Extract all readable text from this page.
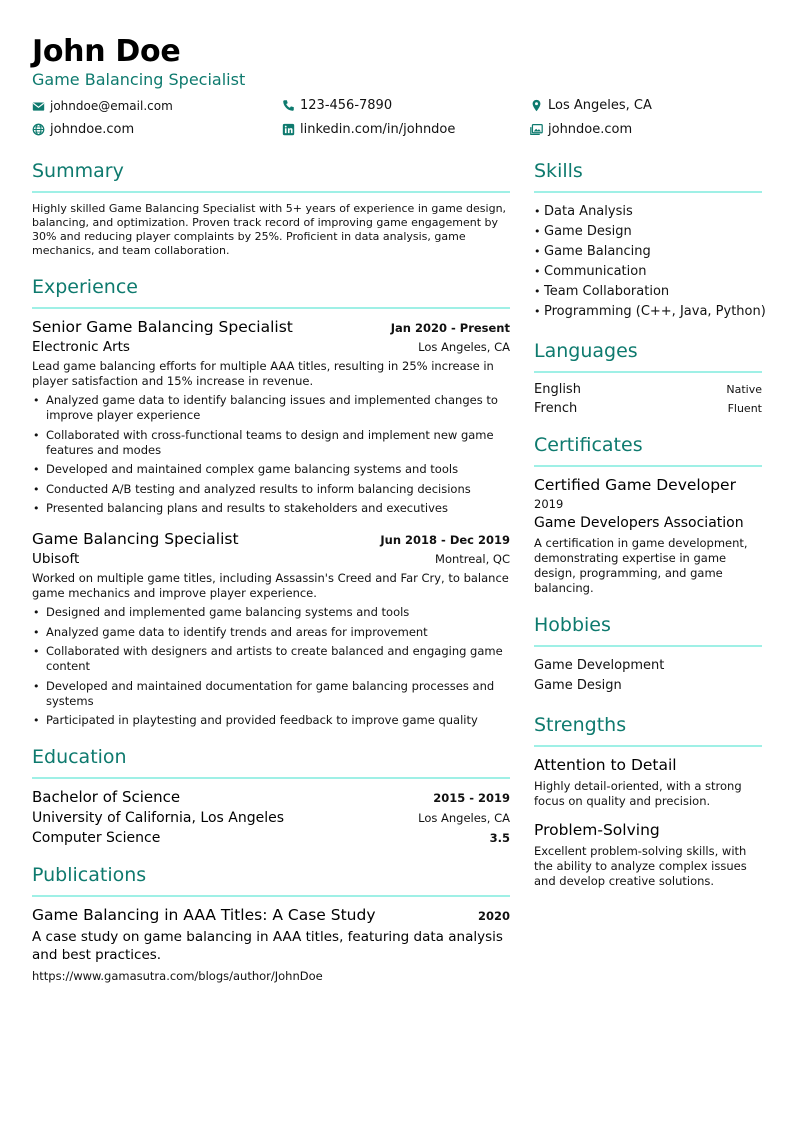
John Doe
Game Balancing Specialist
johndoe@email.com	123-456-7890	Los Angeles, CA
johndoe.com	linkedin.com/in/johndoe	johndoe.com
Summary
Highly skilled Game Balancing Specialist with 5+ years of experience in game design, balancing, and optimization. Proven track record of improving game engagement by 30% and reducing player complaints by 25%. Proficient in data analysis, game mechanics, and team collaboration.
Experience
Senior Game Balancing Specialist	Jan 2020 - Present
Electronic Arts	Los Angeles, CA
Lead game balancing efforts for multiple AAA titles, resulting in 25% increase in player satisfaction and 15% increase in revenue.
• Analyzed game data to identify balancing issues and implemented changes to improve player experience
• Collaborated with cross-functional teams to design and implement new game features and modes
• Developed and maintained complex game balancing systems and tools
• Conducted A/B testing and analyzed results to inform balancing decisions
• Presented balancing plans and results to stakeholders and executives
Game Balancing Specialist	Jun 2018 - Dec 2019
Ubisoft	Montreal, QC
Worked on multiple game titles, including Assassin's Creed and Far Cry, to balance game mechanics and improve player experience.
• Designed and implemented game balancing systems and tools
• Analyzed game data to identify trends and areas for improvement
• Collaborated with designers and artists to create balanced and engaging game content
• Developed and maintained documentation for game balancing processes and systems
• Participated in playtesting and provided feedback to improve game quality
Education
Bachelor of Science	2015 - 2019
University of California, Los Angeles	Los Angeles, CA
Computer Science	3.5
Publications
Game Balancing in AAA Titles: A Case Study	2020
A case study on game balancing in AAA titles, featuring data analysis and best practices.
https://www.gamasutra.com/blogs/author/JohnDoe
Skills
• Data Analysis
• Game Design
• Game Balancing
• Communication
• Team Collaboration
• Programming (C++, Java, Python)
Languages
English	Native
French	Fluent
Certificates
Certified Game Developer
2019
Game Developers Association
A certification in game development, demonstrating expertise in game design, programming, and game balancing.
Hobbies
Game Development
Game Design
Strengths
Attention to Detail
Highly detail-oriented, with a strong focus on quality and precision.
Problem-Solving
Excellent problem-solving skills, with the ability to analyze complex issues and develop creative solutions.
